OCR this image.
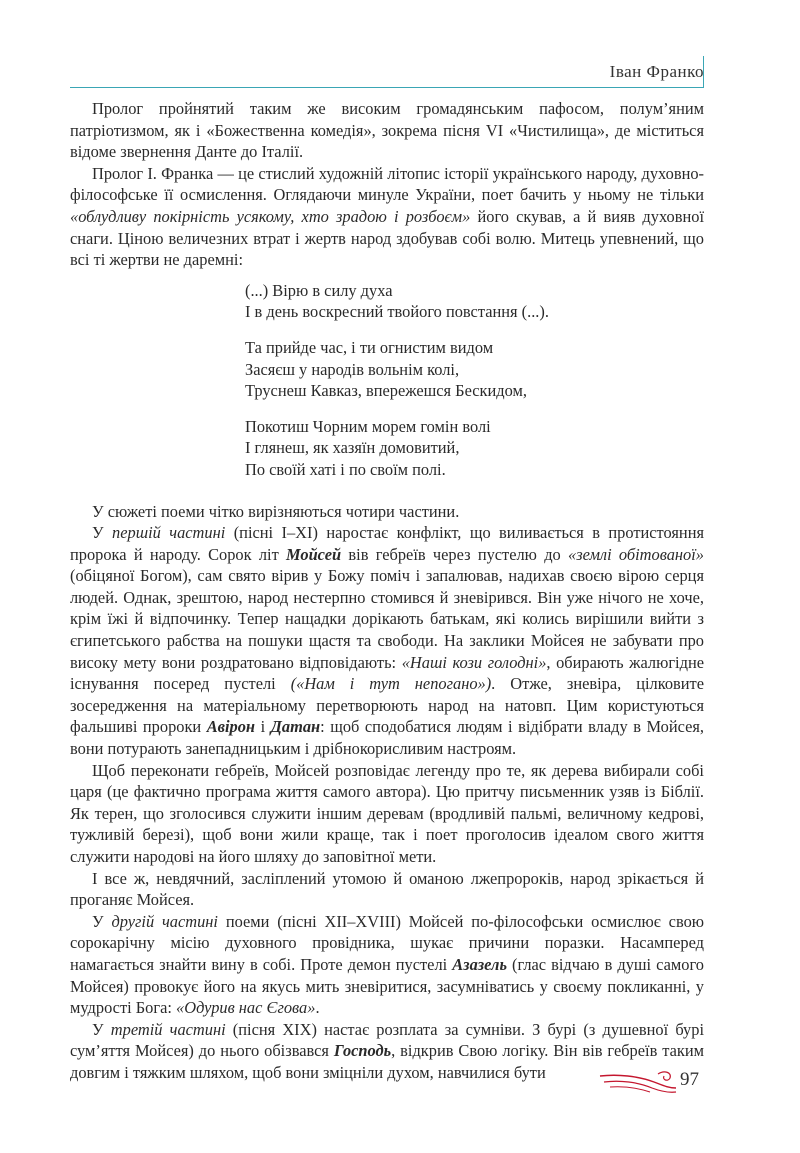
Іван Франко

Пролог пройнятий таким же високим громадянським пафосом, полум’яним патріотизмом, як і «Божественна комедія», зокрема пісня VI «Чистилища», де міститься відоме звернення Данте до Італії.

Пролог І. Франка — це стислий художній літопис історії українського народу, духовно-філософське її осмислення. Оглядаючи минуле України, поет бачить у ньому не тільки «облудливу покірність усякому, хто зрадою і розбоєм» його скував, а й вияв духовної снаги. Ціною величезних втрат і жертв народ здобував собі волю. Митець упевнений, що всі ті жертви не даремні:

(...) Вірю в силу духа
І в день воскресний твойого повстання (...).
Та прийде час, і ти огнистим видом
Засяєш у народів вольнім колі,
Труснеш Кавказ, впережешся Бескидом,
Покотиш Чорним морем гомін волі
І глянеш, як хазяїн домовитий,
По своїй хаті і по своїм полі.

У сюжеті поеми чітко вирізняються чотири частини.

У першій частині (пісні I–XI) наростає конфлікт, що виливається в протистояння пророка й народу. Сорок літ Мойсей вів гебреїв через пустелю до «землі обітованої» (обіцяної Богом), сам свято вірив у Божу поміч і запалював, надихав своєю вірою серця людей. Однак, зрештою, народ нестерпно стомився й зневірився. Він уже нічого не хоче, крім їжі й відпочинку. Тепер нащадки дорікають батькам, які колись вирішили вийти з єгипетського рабства на пошуки щастя та свободи. На заклики Мойсея не забувати про високу мету вони роздратовано відповідають: «Наші кози голодні», обирають жалюгідне існування посеред пустелі («Нам і тут непогано»). Отже, зневіра, цілковите зосередження на матеріальному перетворюють народ на натовп. Цим користуються фальшиві пророки Авірон і Датан: щоб сподобатися людям і відібрати владу в Мойсея, вони потурають занепадницьким і дрібнокорисливим настроям.

Щоб переконати гебреїв, Мойсей розповідає легенду про те, як дерева вибирали собі царя (це фактично програма життя самого автора). Цю притчу письменник узяв із Біблії. Як терен, що зголосився служити іншим деревам (вродливій пальмі, величному кедрові, тужливій березі), щоб вони жили краще, так і поет проголосив ідеалом свого життя служити народові на його шляху до заповітної мети.

І все ж, невдячний, засліплений утомою й оманою лжепророків, народ зрікається й проганяє Мойсея.

У другій частині поеми (пісні XII–XVIII) Мойсей по-філософськи осмислює свою сорокарічну місію духовного провідника, шукає причини поразки. Насамперед намагається знайти вину в собі. Проте демон пустелі Азазель (глас відчаю в душі самого Мойсея) провокує його на якусь мить зневіритися, засумніватись у своєму покликанні, у мудрості Бога: «Одурив нас Єгова».

У третій частині (пісня XIX) настає розплата за сумніви. З бурі (з душевної бурі сум’яття Мойсея) до нього обізвався Господь, відкрив Свою логіку. Він вів гебреїв таким довгим і тяжким шляхом, щоб вони зміцніли духом, навчилися бути	97
